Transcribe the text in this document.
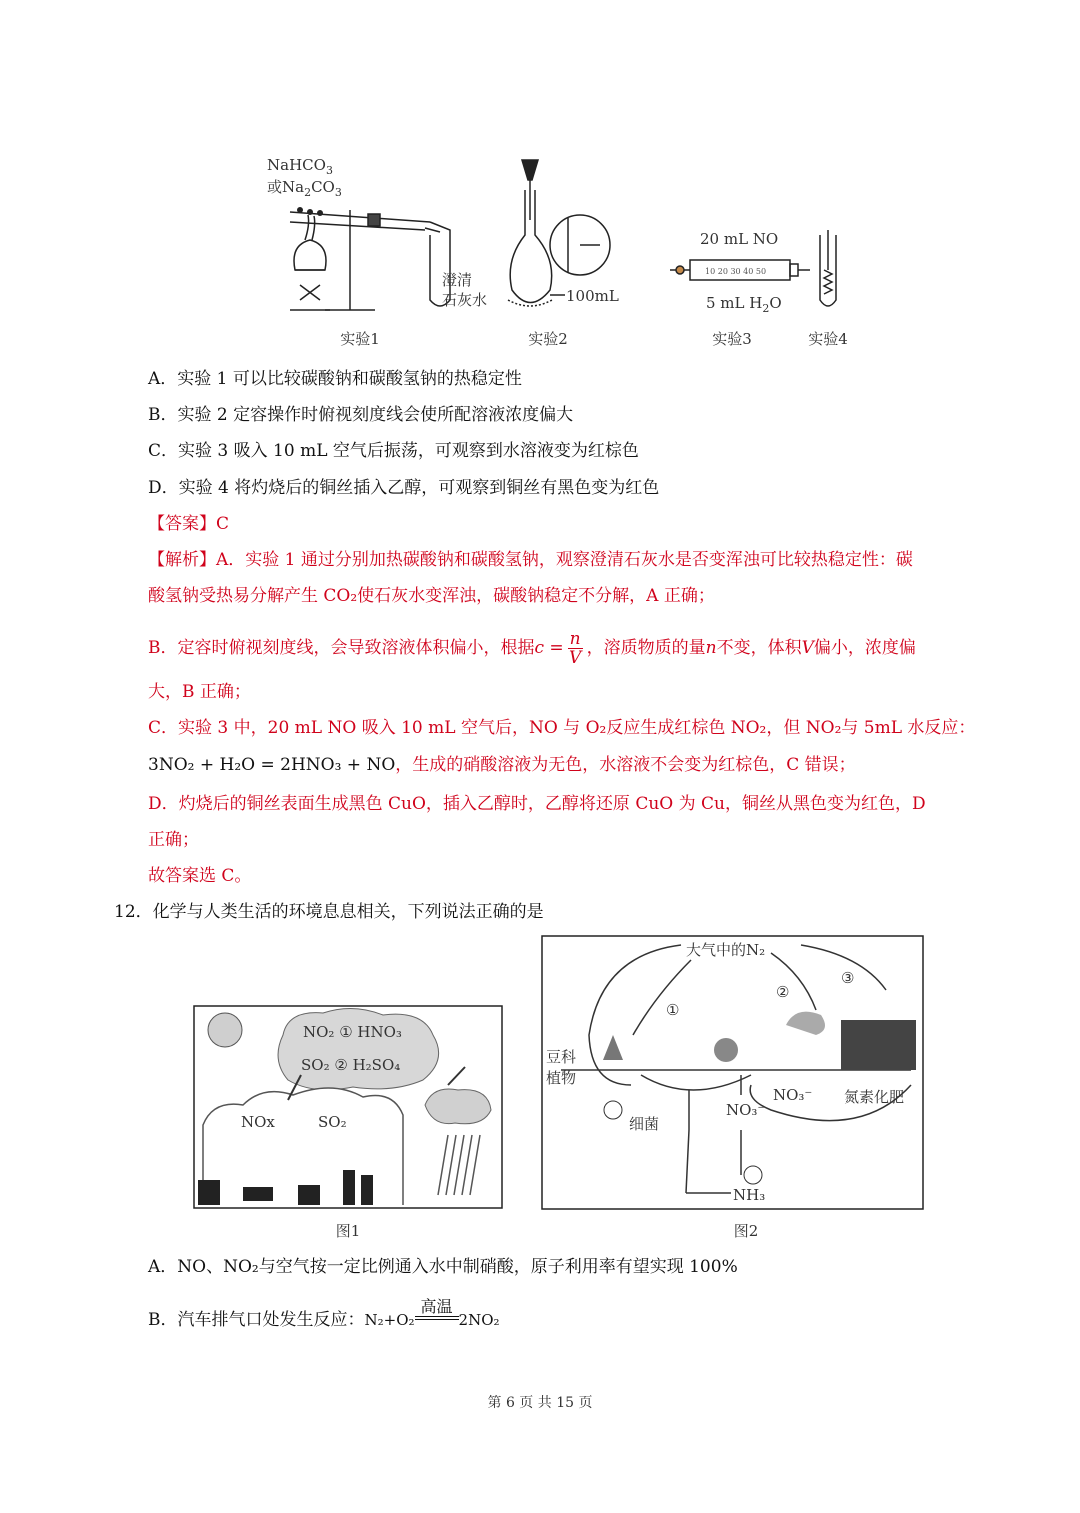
NaHCO$_3$
或$Na_2CO_3$
澄清
石灰水	100mL
20 mL NO
10 20 30 40 50
5 mL $H_2O$
实验1	实验2	实验3	实验4
A．实验 1 可以比较碳酸钠和碳酸氢钠的热稳定性
B．实验 2 定容操作时俯视刻度线会使所配溶液浓度偏大
C．实验 3 吸入 10 mL 空气后振荡，可观察到水溶液变为红棕色
D．实验 4 将灼烧后的铜丝插入乙醇，可观察到铜丝有黑色变为红色
【答案】C
【解析】A．实验 1 通过分别加热碳酸钠和碳酸氢钠，观察澄清石灰水是否变浑浊可比较热稳定性：碳
酸氢钠受热易分解产生 CO₂使石灰水变浑浊，碳酸钠稳定不分解，A 正确；
B．定容时俯视刻度线，会导致溶液体积偏小，根据$c = \frac{n}{V}$ ，溶质物质的量n不变，体积V偏小，浓度偏
大，B 正确；
C．实验 3 中，20 mL NO 吸入 10 mL 空气后，NO 与 O₂反应生成红棕色 NO₂，但 NO₂与 5mL 水反应：
3NO₂ + H₂O = 2HNO₃ + NO，生成的硝酸溶液为无色，水溶液不会变为红棕色，C 错误；
D．灼烧后的铜丝表面生成黑色 CuO，插入乙醇时，乙醇将还原 CuO 为 Cu，铜丝从黑色变为红色，D
正确；
故答案选 C。
12．化学与人类生活的环境息息相关，下列说法正确的是
NO₂ ① HNO₃
SO₂ ② H₂SO₄
NOx	SO₂
图1
大气中的N₂
①
②
③
豆科
植物
NO₃⁻
NO₃⁻ 氮素化肥
细菌
NH₃
图2
A．NO、NO₂与空气按一定比例通入水中制硝酸，原子利用率有望实现 100%
B．汽车排气口处发生反应：N₂+O₂
高温
2NO₂
第 6 页 共 15 页
